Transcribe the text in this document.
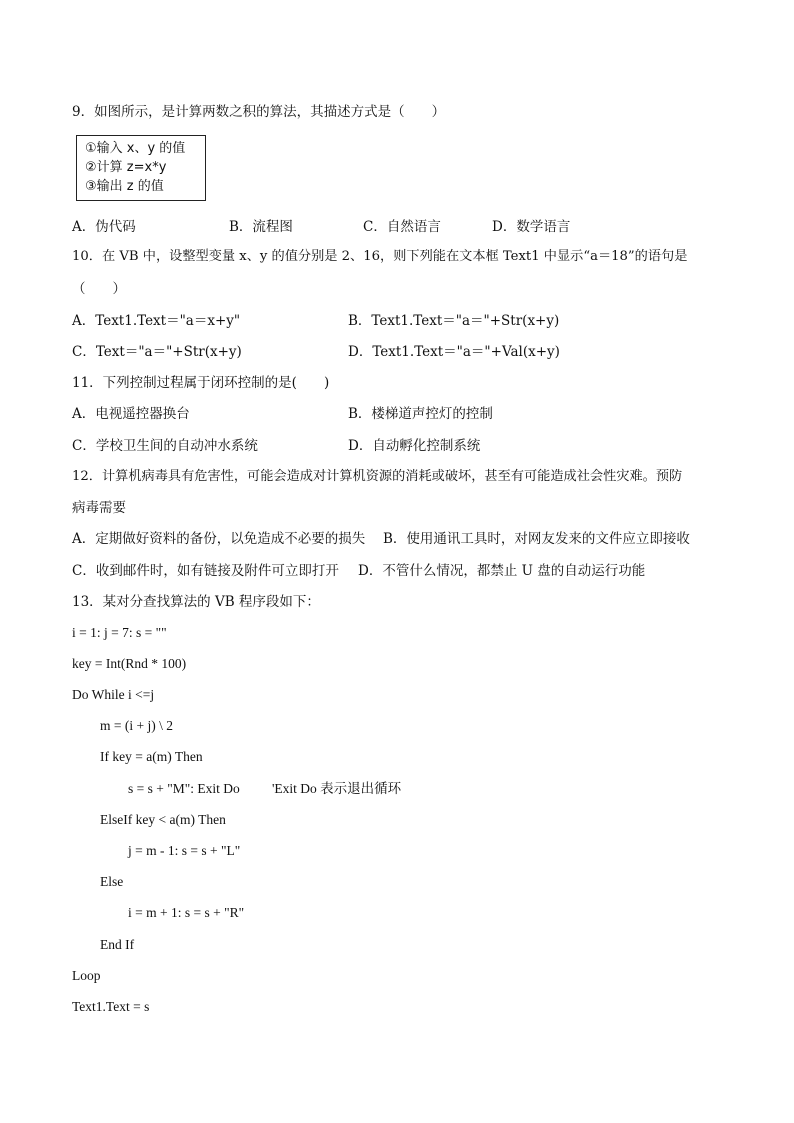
9．如图所示，是计算两数之积的算法，其描述方式是（　　）
①输入 x、y 的值
②计算 z=x*y
③输出 z 的值
A．伪代码	B．流程图	C．自然语言	D．数学语言
10．在 VB 中，设整型变量 x、y 的值分别是 2、16，则下列能在文本框 Text1 中显示“a＝18”的语句是
（　　）
A．Text1.Text＝"a＝x+y"	B．Text1.Text＝"a＝"+Str(x+y)
C．Text＝"a＝"+Str(x+y)	D．Text1.Text＝"a＝"+Val(x+y)
11．下列控制过程属于闭环控制的是(　　)
A．电视遥控器换台	B．楼梯道声控灯的控制
C．学校卫生间的自动冲水系统	D．自动孵化控制系统
12．计算机病毒具有危害性，可能会造成对计算机资源的消耗或破坏，甚至有可能造成社会性灾难。预防
病毒需要
A．定期做好资料的备份，以免造成不必要的损失 B．使用通讯工具时，对网友发来的文件应立即接收
C．收到邮件时，如有链接及附件可立即打开 D．不管什么情况，都禁止 U 盘的自动运行功能
13．某对分查找算法的 VB 程序段如下：
i = 1: j = 7: s = ""
key = Int(Rnd * 100)
Do While i <=j
m = (i + j) \ 2
If key = a(m) Then
s = s + "M": Exit Do 'Exit Do 表示退出循环
ElseIf key < a(m) Then
j = m - 1: s = s + "L"
Else
i = m + 1: s = s + "R"
End If
Loop
Text1.Text = s
